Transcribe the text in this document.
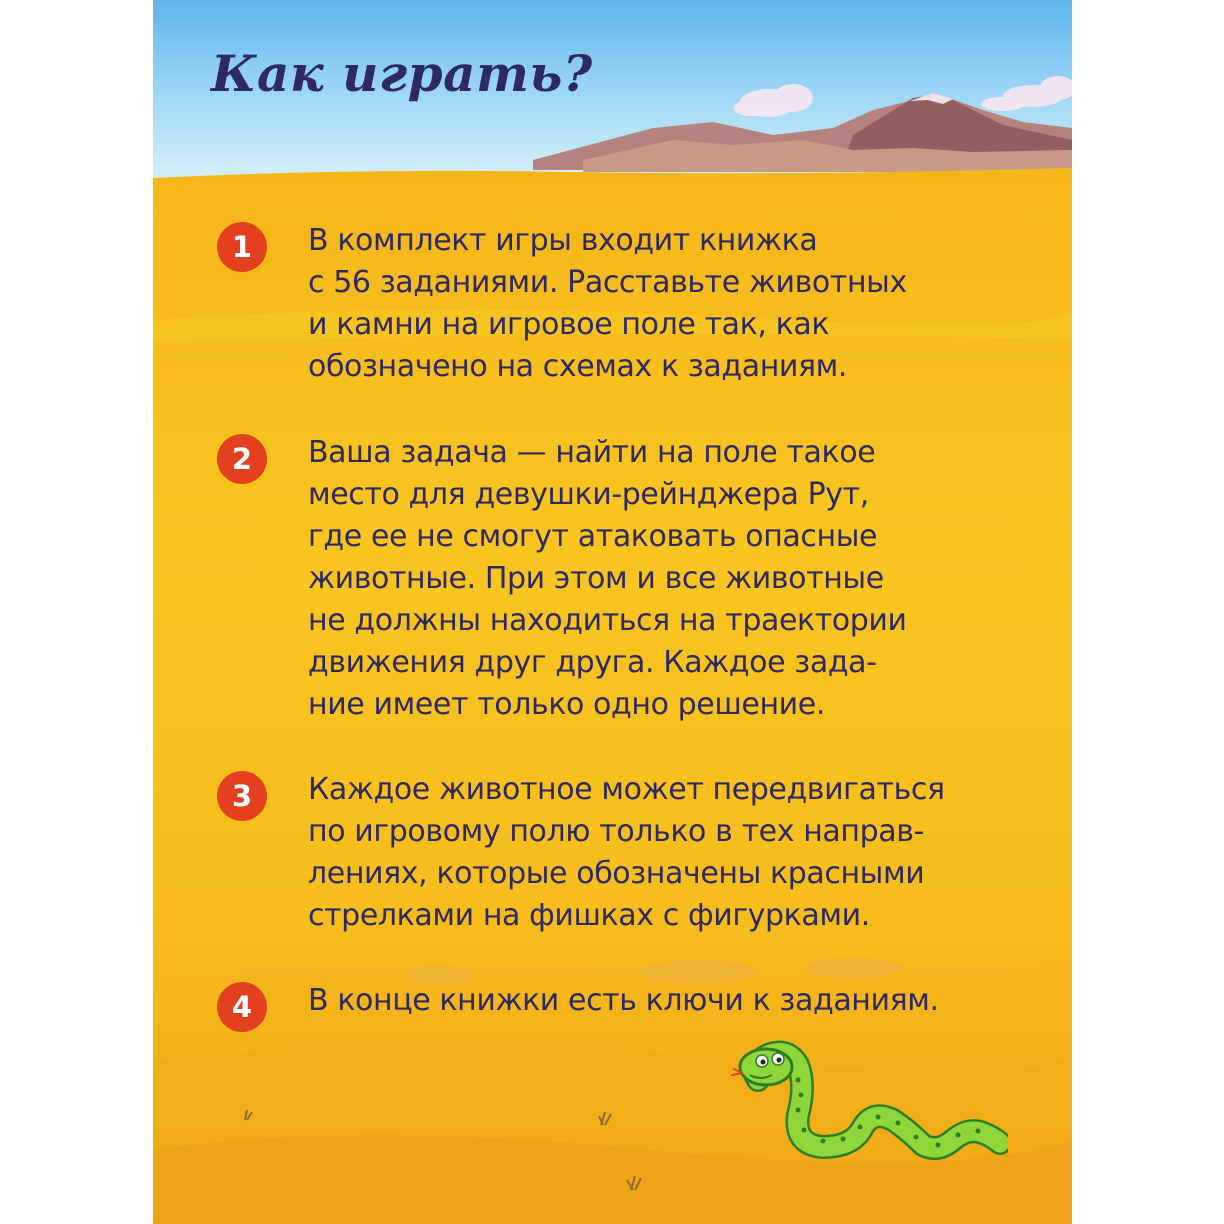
Как играть?
1	В комплект игры входит книжка
с 56 заданиями. Расставьте животных
и камни на игровое поле так, как
обозначено на схемах к заданиям.
2	Ваша задача — найти на поле такое
место для девушки-рейнджера Рут,
где ее не смогут атаковать опасные
животные. При этом и все животные
не должны находиться на траектории
движения друг друга. Каждое зада-
ние имеет только одно решение.
3	Каждое животное может передвигаться
по игровому полю только в тех направ-
лениях, которые обозначены красными
стрелками на фишках с фигурками.
4	В конце книжки есть ключи к заданиям.
